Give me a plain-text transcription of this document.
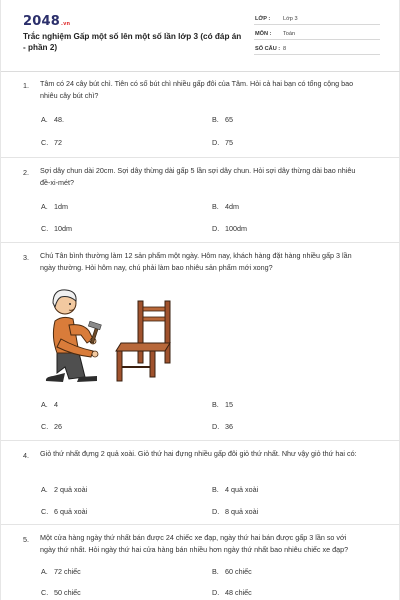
2048.vn
Trắc nghiệm Gấp một số lên một số lần lớp 3 (có đáp án - phần 2)
LỚP : Lớp 3
MÔN : Toán
SỐ CÂU : 8
1. Tâm có 24 cây bút chì. Tiên có số bút chì nhiều gấp đôi của Tâm. Hỏi cả hai bạn có tổng cộng bao nhiêu cây bút chì?
A. 48.	B. 65
C. 72	D. 75
2. Sợi dây chun dài 20cm. Sợi dây thừng dài gấp 5 lần sợi dây chun. Hỏi sợi dây thừng dài bao nhiêu đề-xi-mét?
A. 1dm	B. 4dm
C. 10dm	D. 100dm
3. Chú Tân bình thường làm 12 sản phẩm một ngày. Hôm nay, khách hàng đặt hàng nhiều gấp 3 lần ngày thường. Hỏi hôm nay, chú phải làm bao nhiêu sản phẩm mới xong?
A. 4	B. 15
C. 26	D. 36
4. Giỏ thứ nhất đựng 2 quả xoài. Giỏ thứ hai đựng nhiều gấp đôi giỏ thứ nhất. Như vậy giỏ thứ hai có:
A. 2 quả xoài	B. 4 quả xoài
C. 6 quả xoài	D. 8 quả xoài
5. Một cửa hàng ngày thứ nhất bán được 24 chiếc xe đạp, ngày thứ hai bán được gấp 3 lần so với ngày thứ nhất. Hỏi ngày thứ hai cửa hàng bán nhiều hơn ngày thứ nhất bao nhiêu chiếc xe đạp?
A. 72 chiếc	B. 60 chiếc
C. 50 chiếc	D. 48 chiếc
